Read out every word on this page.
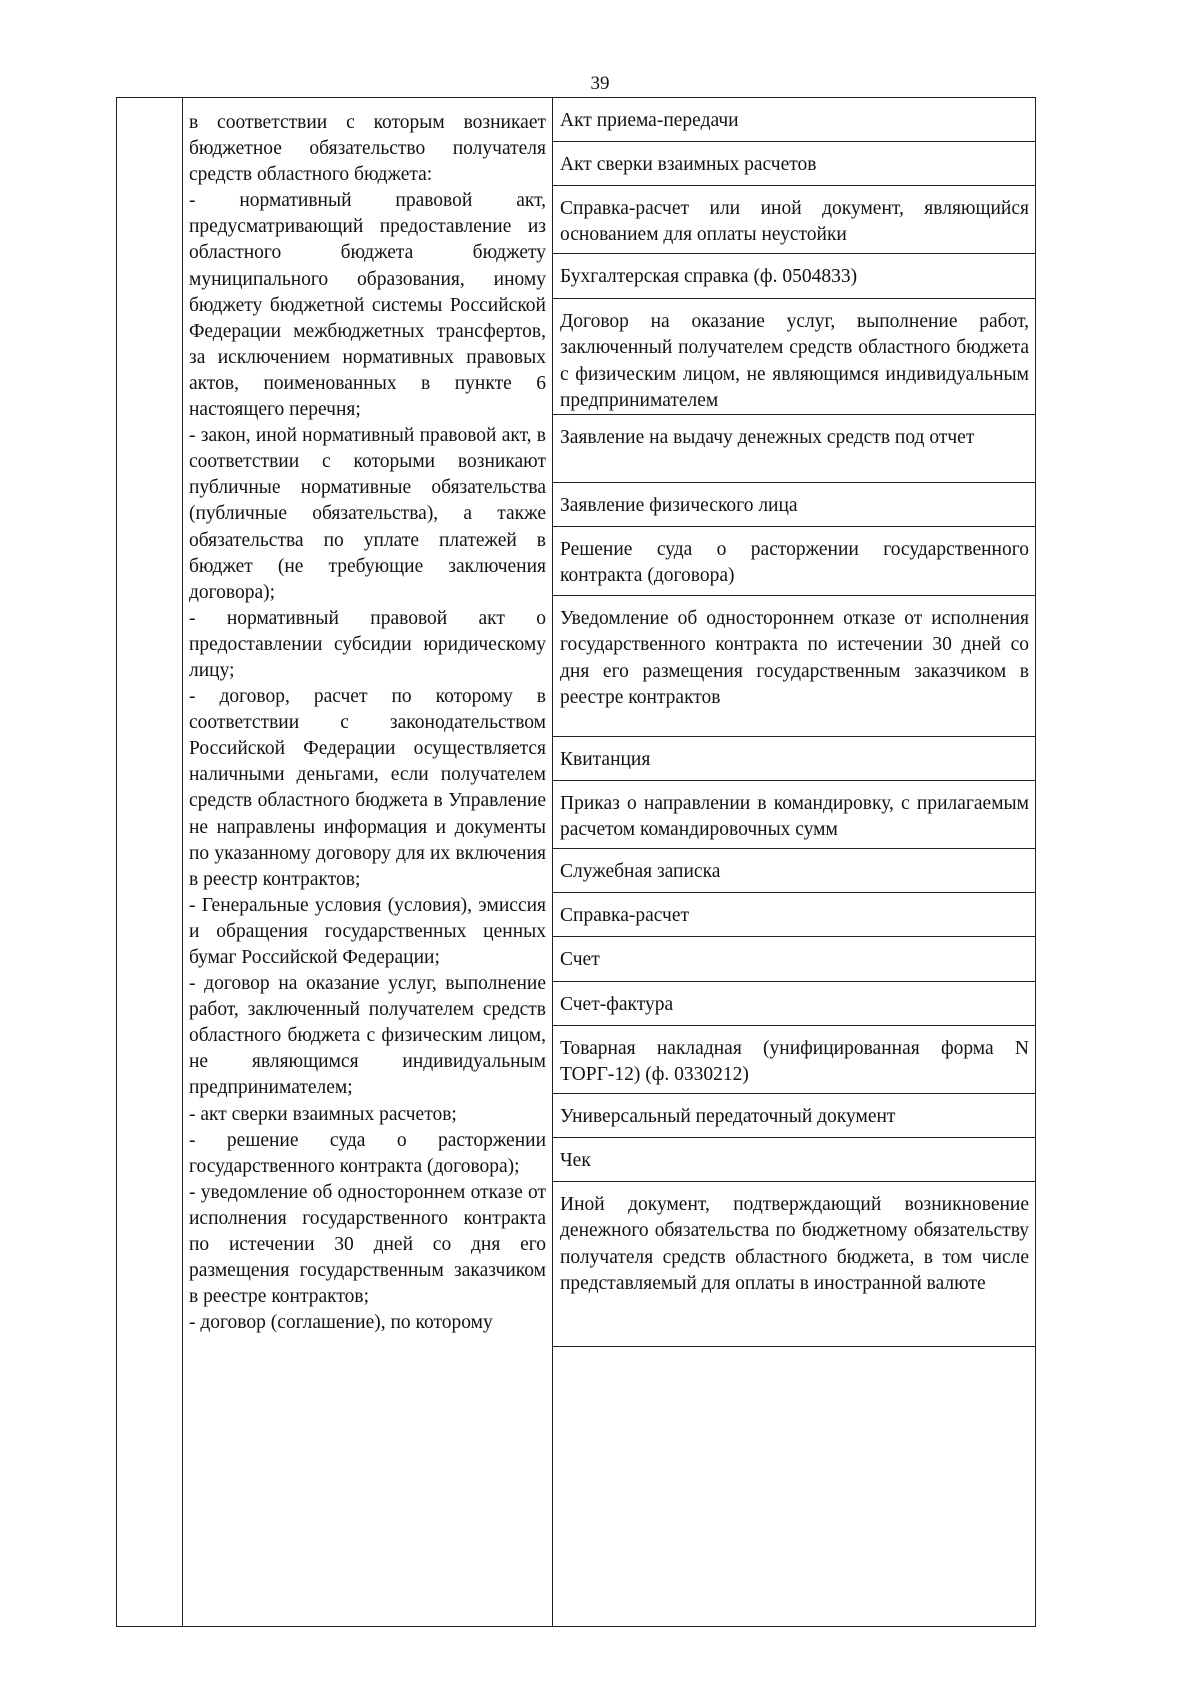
39

в соответствии с которым возникает бюджетное обязательство получателя средств областного бюджета:

- нормативный правовой акт, предусматривающий предоставление из областного бюджета бюджету муниципального образования, иному бюджету бюджетной системы Российской Федерации межбюджетных трансфертов, за исключением нормативных правовых актов, поименованных в пункте 6 настоящего перечня;

- закон, иной нормативный правовой акт, в соответствии с которыми возникают публичные нормативные обязательства (публичные обязательства), а также обязательства по уплате платежей в бюджет (не требующие заключения договора);

- нормативный правовой акт о предоставлении субсидии юридическому лицу;

- договор, расчет по которому в соответствии с законодательством Российской Федерации осуществляется наличными деньгами, если получателем средств областного бюджета в Управление не направлены информация и документы по указанному договору для их включения в реестр контрактов;

- Генеральные условия (условия), эмиссия и обращения государственных ценных бумаг Российской Федерации;

- договор на оказание услуг, выполнение работ, заключенный получателем средств областного бюджета с физическим лицом, не являющимся индивидуальным предпринимателем;

- акт сверки взаимных расчетов;

- решение суда о расторжении государственного контракта (договора);

- уведомление об одностороннем отказе от исполнения государственного контракта по истечении 30 дней со дня его размещения государственным заказчиком в реестре контрактов;

- договор (соглашение), по которому

Акт приема-передачи
Акт сверки взаимных расчетов
Справка-расчет или иной документ, являющийся основанием для оплаты неустойки
Бухгалтерская справка (ф. 0504833)
Договор на оказание услуг, выполнение работ, заключенный получателем средств областного бюджета с физическим лицом, не являющимся индивидуальным предпринимателем
Заявление на выдачу денежных средств под отчет
Заявление физического лица
Решение суда о расторжении государственного контракта (договора)
Уведомление об одностороннем отказе от исполнения государственного контракта по истечении 30 дней со дня его размещения государственным заказчиком в реестре контрактов
Квитанция
Приказ о направлении в командировку, с прилагаемым расчетом командировочных сумм
Служебная записка
Справка-расчет
Счет
Счет-фактура
Товарная накладная (унифицированная форма N ТОРГ-12) (ф. 0330212)
Универсальный передаточный документ
Чек
Иной документ, подтверждающий возникновение денежного обязательства по бюджетному обязательству получателя средств областного бюджета, в том числе представляемый для оплаты в иностранной валюте
